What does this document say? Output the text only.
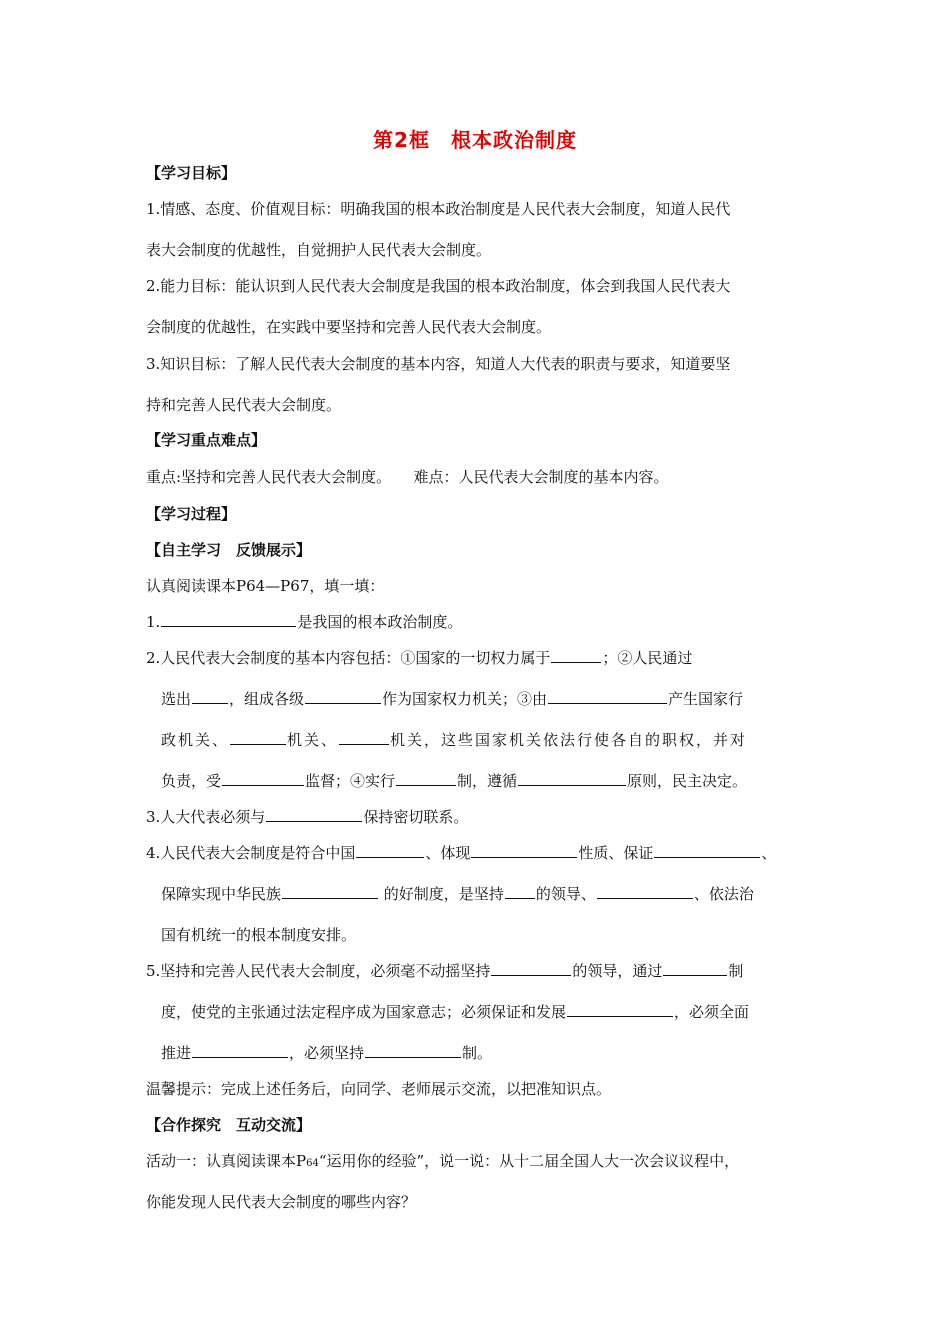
第2框　根本政治制度
【学习目标】
1.情感、态度、价值观目标：明确我国的根本政治制度是人民代表大会制度，知道人民代
表大会制度的优越性，自觉拥护人民代表大会制度。
2.能力目标：能认识到人民代表大会制度是我国的根本政治制度，体会到我国人民代表大
会制度的优越性，在实践中要坚持和完善人民代表大会制度。
3.知识目标：了解人民代表大会制度的基本内容，知道人大代表的职责与要求，知道要坚
持和完善人民代表大会制度。
【学习重点难点】
重点:坚持和完善人民代表大会制度。　　难点：人民代表大会制度的基本内容。
【学习过程】
【自主学习　反馈展示】
认真阅读课本P64—P67，填一填：
1.	是我国的根本政治制度。
2.人民代表大会制度的基本内容包括：①国家的一切权力属于	；②人民通过
选出	，组成各级	作为国家权力机关；③由	产生国家行
政机关、	机关、	机关，这些国家机关依法行使各自的职权，并对
负责，受	监督；④实行	制，遵循	原则，民主决定。
3.人大代表必须与	保持密切联系。
4.人民代表大会制度是符合中国	、体现	性质、保证	、
保障实现中华民族	的好制度，是坚持 的领导、	、依法治
国有机统一的根本制度安排。
5.坚持和完善人民代表大会制度，必须毫不动摇坚持	的领导，通过	制
度，使党的主张通过法定程序成为国家意志；必须保证和发展	，必须全面
推进	，必须坚持	制。
温馨提示：完成上述任务后，向同学、老师展示交流，以把准知识点。
【合作探究　互动交流】
活动一：认真阅读课本P64“运用你的经验”，说一说：从十二届全国人大一次会议议程中，
你能发现人民代表大会制度的哪些内容？
